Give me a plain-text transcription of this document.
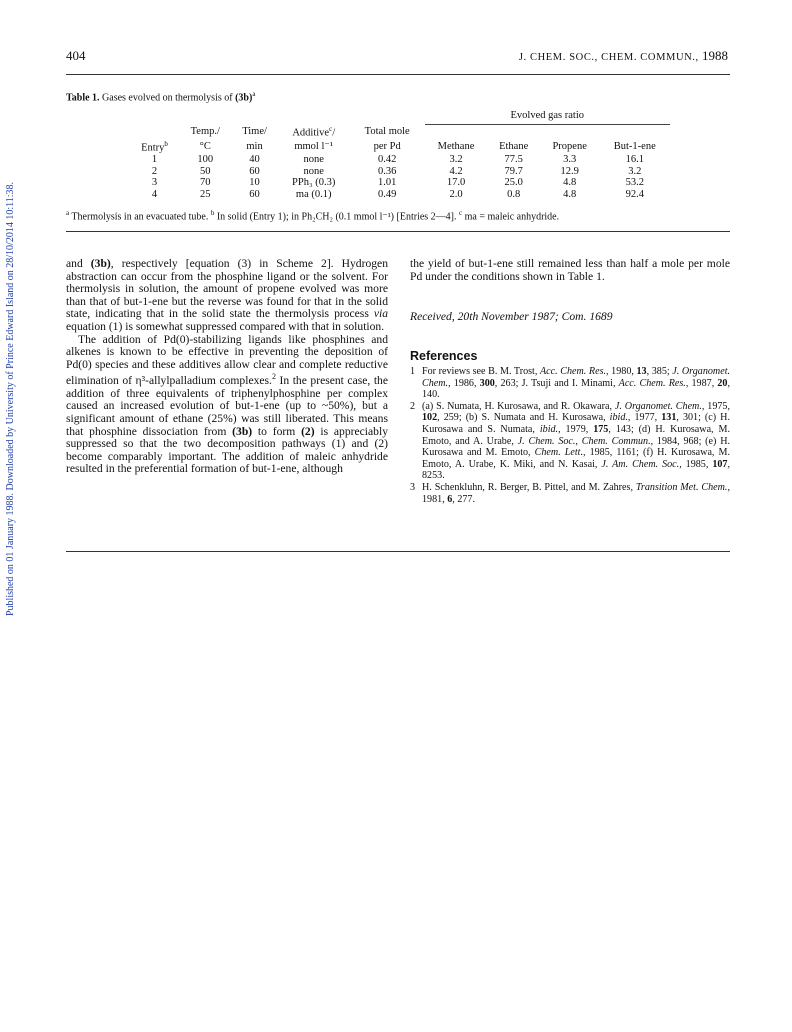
Published on 01 January 1988. Downloaded by University of Prince Edward Island on 28/10/2014 10:11:38.
404	J. CHEM. SOC., CHEM. COMMUN., 1988
Table 1. Gases evolved on thermolysis of $(3b)^a$
					Evolved gas ratio			
	Temp./	Time/	Additive$^c$/	Total mole				
Entry$^b$	°C	min	mmol l⁻¹	per Pd	Methane	Ethane	Propene	But-1-ene
1	100	40	none	0.42	3.2	77.5	3.3	16.1
2	50	60	none	0.36	4.2	79.7	12.9	3.2
3	70	10	PPh₃ (0.3)	1.01	17.0	25.0	4.8	53.2
4	25	60	ma (0.1)	0.49	2.0	0.8	4.8	92.4
$^a$ Thermolysis in an evacuated tube. $^b$ In solid (Entry 1); in Ph₂CH₂ (0.1 mmol l⁻¹) [Entries 2—4]. $^c$ ma = maleic anhydride.

and (3b), respectively [equation (3) in Scheme 2]. Hydrogen abstraction can occur from the phosphine ligand or the solvent. For thermolysis in solution, the amount of propene evolved was more than that of but-1-ene but the reverse was found for that in the solid state, indicating that in the solid state the thermolysis process via equation (1) is somewhat suppressed compared with that in solution.

The addition of Pd(0)-stabilizing ligands like phosphines and alkenes is known to be effective in preventing the deposition of Pd(0) species and these additives allow clear and complete reductive elimination of η³-allylpalladium complexes.$^2$ In the present case, the addition of three equivalents of triphenylphosphine per complex caused an increased evolution of but-1-ene (up to ~50%), but a significant amount of ethane (25%) was still liberated. This means that phosphine dissociation from (3b) to form (2) is appreciably suppressed so that the two decomposition pathways (1) and (2) become comparably important. The addition of maleic anhydride resulted in the preferential formation of but-1-ene, although

the yield of but-1-ene still remained less than half a mole per mole Pd under the conditions shown in Table 1.

Received, 20th November 1987; Com. 1689
References

1 For reviews see B. M. Trost, Acc. Chem. Res., 1980, 13, 385; J. Organomet. Chem., 1986, 300, 263; J. Tsuji and I. Minami, Acc. Chem. Res., 1987, 20, 140.

2 (a) S. Numata, H. Kurosawa, and R. Okawara, J. Organomet. Chem., 1975, 102, 259; (b) S. Numata and H. Kurosawa, ibid., 1977, 131, 301; (c) H. Kurosawa and S. Numata, ibid., 1979, 175, 143; (d) H. Kurosawa, M. Emoto, and A. Urabe, J. Chem. Soc., Chem. Commun., 1984, 968; (e) H. Kurosawa and M. Emoto, Chem. Lett., 1985, 1161; (f) H. Kurosawa, M. Emoto, A. Urabe, K. Miki, and N. Kasai, J. Am. Chem. Soc., 1985, 107, 8253.

3 H. Schenkluhn, R. Berger, B. Pittel, and M. Zahres, Transition Met. Chem., 1981, 6, 277.
